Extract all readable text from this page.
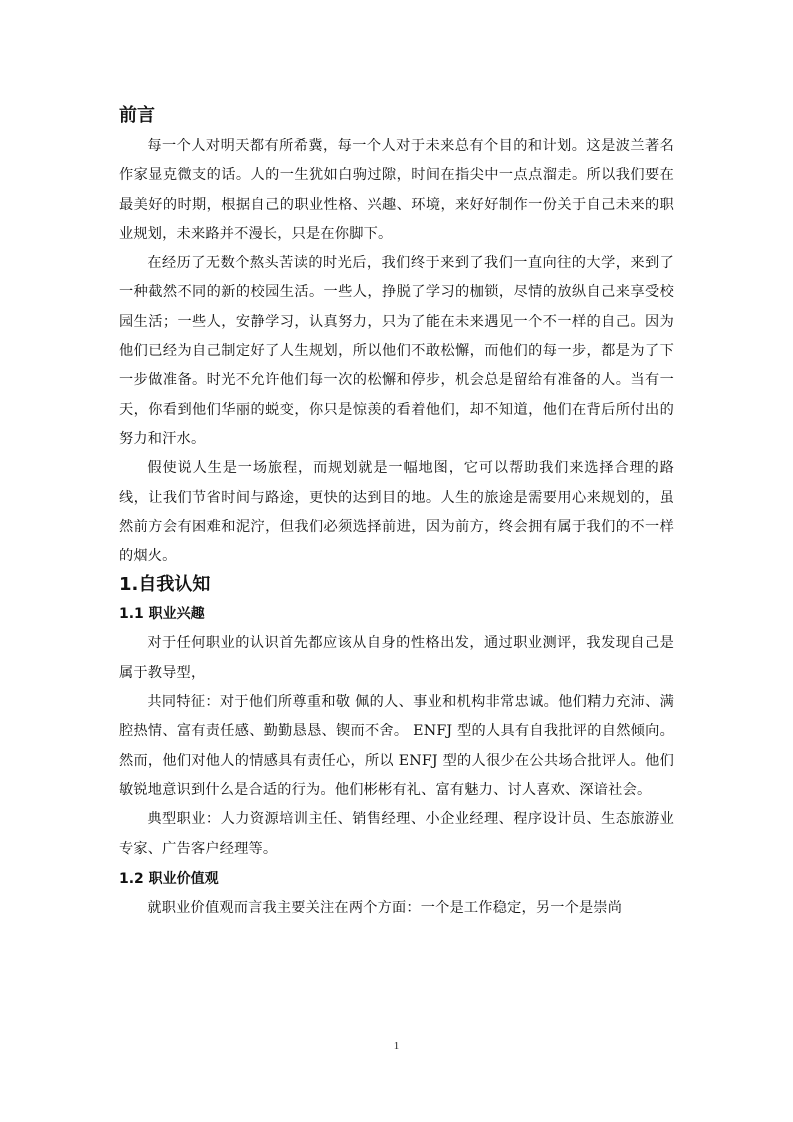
前言

每一个人对明天都有所希冀，每一个人对于未来总有个目的和计划。这是波兰著名作家显克微支的话。人的一生犹如白驹过隙，时间在指尖中一点点溜走。所以我们要在最美好的时期，根据自己的职业性格、兴趣、环境，来好好制作一份关于自己未来的职业规划，未来路并不漫长，只是在你脚下。

在经历了无数个熬头苦读的时光后，我们终于来到了我们一直向往的大学，来到了一种截然不同的新的校园生活。一些人，挣脱了学习的枷锁，尽情的放纵自己来享受校园生活；一些人，安静学习，认真努力，只为了能在未来遇见一个不一样的自己。因为他们已经为自己制定好了人生规划，所以他们不敢松懈，而他们的每一步，都是为了下一步做准备。时光不允许他们每一次的松懈和停步，机会总是留给有准备的人。当有一天，你看到他们华丽的蜕变，你只是惊羡的看着他们，却不知道，他们在背后所付出的努力和汗水。

假使说人生是一场旅程，而规划就是一幅地图，它可以帮助我们来选择合理的路线，让我们节省时间与路途，更快的达到目的地。人生的旅途是需要用心来规划的，虽然前方会有困难和泥泞，但我们必须选择前进，因为前方，终会拥有属于我们的不一样的烟火。

1.自我认知
1.1 职业兴趣

对于任何职业的认识首先都应该从自身的性格出发，通过职业测评，我发现自己是属于教导型，

共同特征：对于他们所尊重和敬 佩的人、事业和机构非常忠诚。他们精力充沛、满腔热情、富有责任感、勤勤恳恳、锲而不舍。 ENFJ 型的人具有自我批评的自然倾向。然而，他们对他人的情感具有责任心，所以 ENFJ 型的人很少在公共场合批评人。他们 敏锐地意识到什么是合适的行为。他们彬彬有礼、富有魅力、讨人喜欢、深谙社会。

典型职业：人力资源培训主任、销售经理、小企业经理、程序设计员、生态旅游业专家、广告客户经理等。

1.2 职业价值观

就职业价值观而言我主要关注在两个方面：一个是工作稳定，另一个是崇尚

1
